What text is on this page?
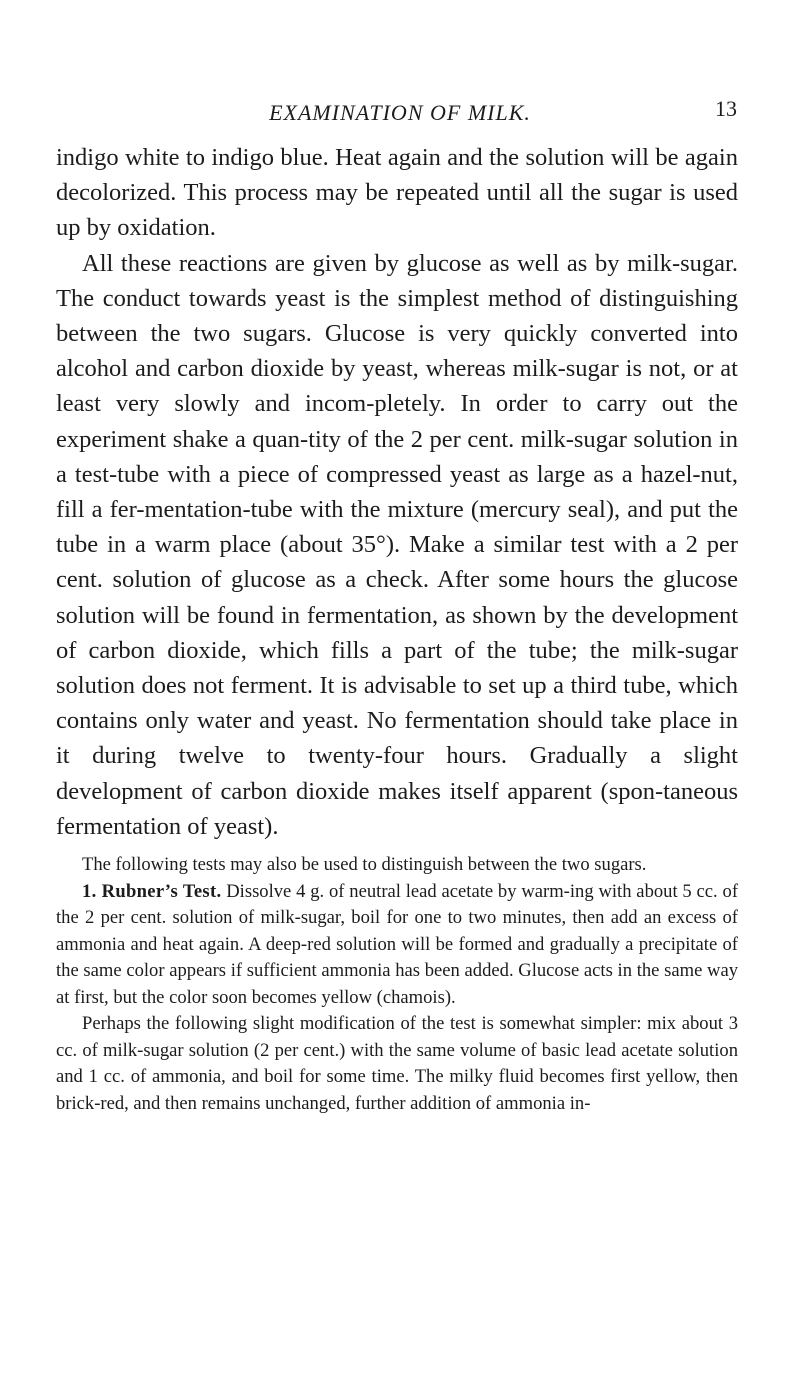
EXAMINATION OF MILK.	13

indigo white to indigo blue. Heat again and the solution will be again decolorized. This process may be repeated until all the sugar is used up by oxidation.

All these reactions are given by glucose as well as by milk-sugar. The conduct towards yeast is the simplest method of distinguishing between the two sugars. Glucose is very quickly converted into alcohol and carbon dioxide by yeast, whereas milk-sugar is not, or at least very slowly and incom-pletely. In order to carry out the experiment shake a quan-tity of the 2 per cent. milk-sugar solution in a test-tube with a piece of compressed yeast as large as a hazel-nut, fill a fer-mentation-tube with the mixture (mercury seal), and put the tube in a warm place (about 35°). Make a similar test with a 2 per cent. solution of glucose as a check. After some hours the glucose solution will be found in fermentation, as shown by the development of carbon dioxide, which fills a part of the tube; the milk-sugar solution does not ferment. It is advisable to set up a third tube, which contains only water and yeast. No fermentation should take place in it during twelve to twenty-four hours. Gradually a slight development of carbon dioxide makes itself apparent (spon-taneous fermentation of yeast).

The following tests may also be used to distinguish between the two sugars.

1. Rubner’s Test. Dissolve 4 g. of neutral lead acetate by warm-ing with about 5 cc. of the 2 per cent. solution of milk-sugar, boil for one to two minutes, then add an excess of ammonia and heat again. A deep-red solution will be formed and gradually a precipitate of the same color appears if sufficient ammonia has been added. Glucose acts in the same way at first, but the color soon becomes yellow (chamois).

Perhaps the following slight modification of the test is somewhat simpler: mix about 3 cc. of milk-sugar solution (2 per cent.) with the same volume of basic lead acetate solution and 1 cc. of ammonia, and boil for some time. The milky fluid becomes first yellow, then brick-red, and then remains unchanged, further addition of ammonia in-
